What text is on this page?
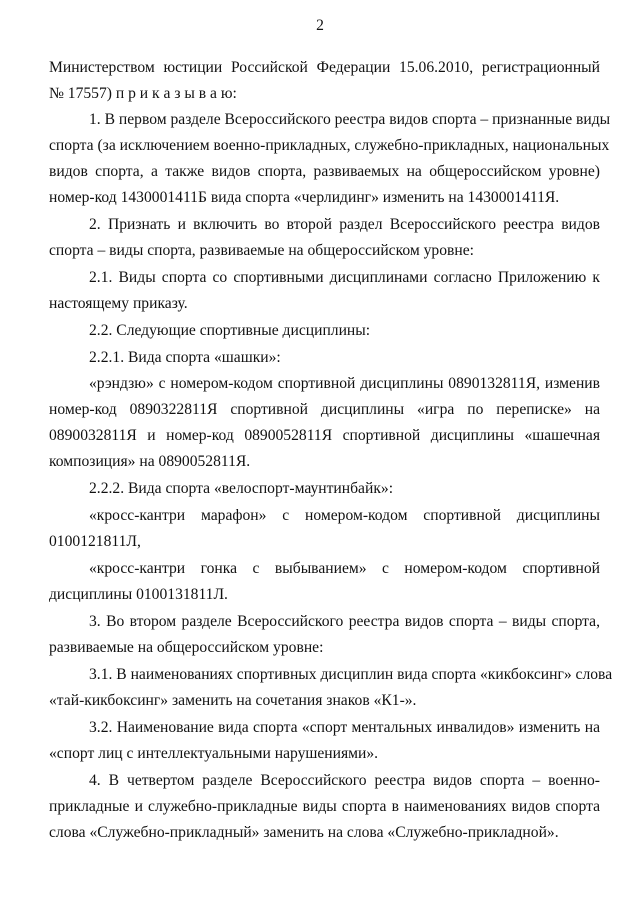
2
Министерством юстиции Российской Федерации 15.06.2010, регистрационный
№ 17557) п р и к а з ы в а ю:
1. В первом разделе Всероссийского реестра видов спорта – признанные виды
спорта (за исключением военно-прикладных, служебно-прикладных, национальных
видов спорта, а также видов спорта, развиваемых на общероссийском уровне)
номер-код 1430001411Б вида спорта «черлидинг» изменить на 1430001411Я.
2. Признать и включить во второй раздел Всероссийского реестра видов
спорта – виды спорта, развиваемые на общероссийском уровне:
2.1. Виды спорта со спортивными дисциплинами согласно Приложению к
настоящему приказу.
2.2. Следующие спортивные дисциплины:
2.2.1. Вида спорта «шашки»:
«рэндзю» с номером-кодом спортивной дисциплины 0890132811Я, изменив
номер-код 0890322811Я спортивной дисциплины «игра по переписке» на
0890032811Я и номер-код 0890052811Я спортивной дисциплины «шашечная
композиция» на 0890052811Я.
2.2.2. Вида спорта «велоспорт-маунтинбайк»:
«кросс-кантри марафон» с номером-кодом спортивной дисциплины
0100121811Л,
«кросс-кантри гонка с выбыванием» с номером-кодом спортивной
дисциплины 0100131811Л.
3. Во втором разделе Всероссийского реестра видов спорта – виды спорта,
развиваемые на общероссийском уровне:
3.1. В наименованиях спортивных дисциплин вида спорта «кикбоксинг» слова
«тай-кикбоксинг» заменить на сочетания знаков «К1-».
3.2. Наименование вида спорта «спорт ментальных инвалидов» изменить на
«спорт лиц с интеллектуальными нарушениями».
4. В четвертом разделе Всероссийского реестра видов спорта – военно-
прикладные и служебно-прикладные виды спорта в наименованиях видов спорта
слова «Служебно-прикладный» заменить на слова «Служебно-прикладной».
